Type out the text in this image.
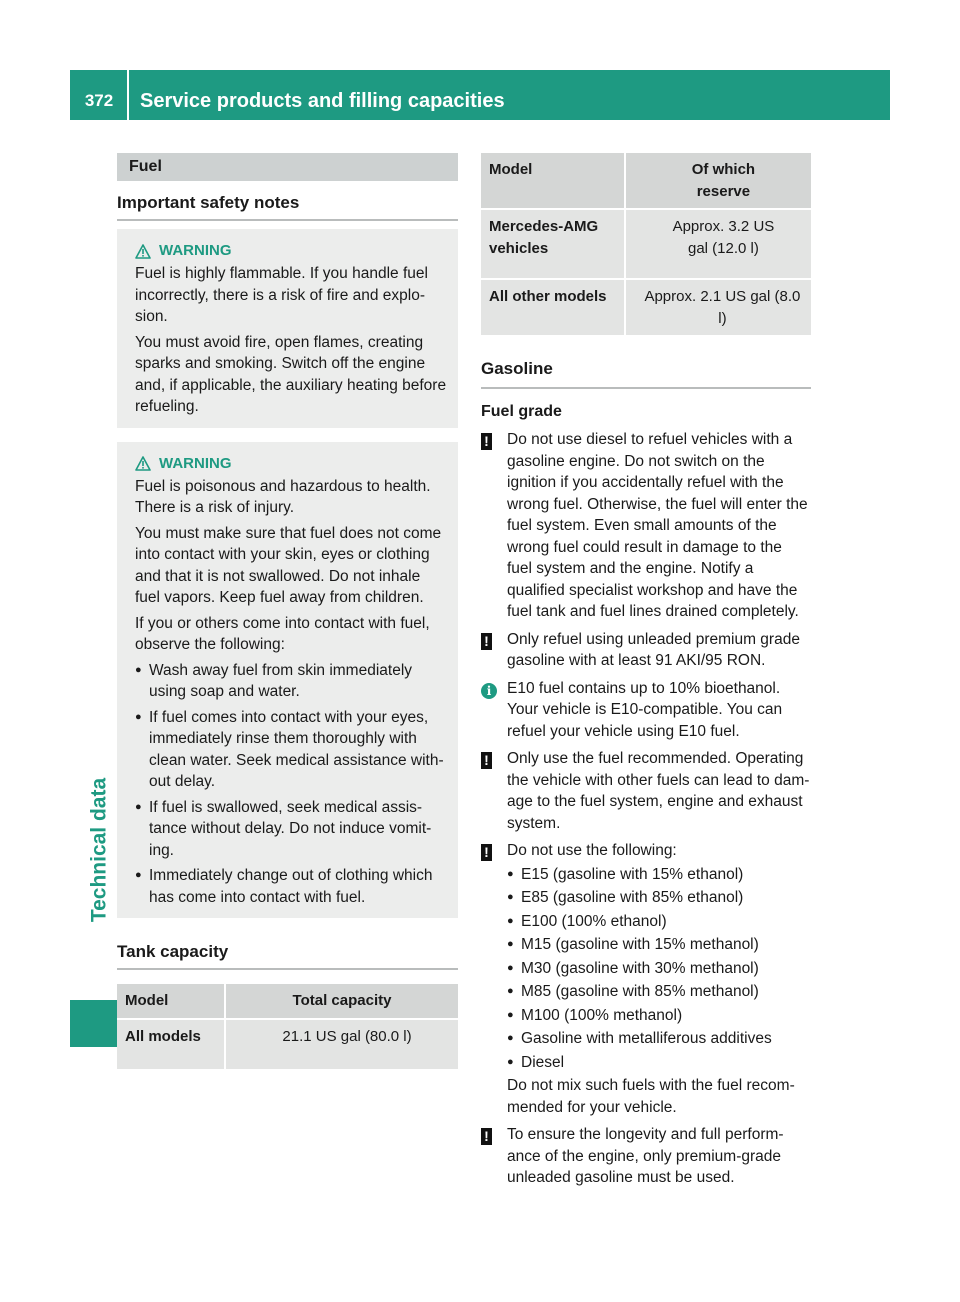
372	Service products and filling capacities
Technical data
Fuel
Important safety notes
WARNING

Fuel is highly flammable. If you handle fuel incorrectly, there is a risk of fire and explo-sion.

You must avoid fire, open flames, creating sparks and smoking. Switch off the engine and, if applicable, the auxiliary heating before refueling.

WARNING

Fuel is poisonous and hazardous to health. There is a risk of injury.

You must make sure that fuel does not come into contact with your skin, eyes or clothing and that it is not swallowed. Do not inhale fuel vapors. Keep fuel away from children.

If you or others come into contact with fuel, observe the following:

● Wash away fuel from skin immediately using soap and water.
● If fuel comes into contact with your eyes, immediately rinse them thoroughly with clean water. Seek medical assistance with-out delay.
● If fuel is swallowed, seek medical assis-tance without delay. Do not induce vomit-ing.
● Immediately change out of clothing which has come into contact with fuel.
Tank capacity
Model	Total capacity
All models	21.1 US gal (80.0 l)
Model	Of which reserve
Mercedes-AMG vehicles	Approx. 3.2 US gal (12.0 l)
All other models	Approx. 2.1 US gal (8.0 l)
Gasoline
Fuel grade
!	Do not use diesel to refuel vehicles with a gasoline engine. Do not switch on the ignition if you accidentally refuel with the wrong fuel. Otherwise, the fuel will enter the fuel system. Even small amounts of the wrong fuel could result in damage to the fuel system and the engine. Notify a qualified specialist workshop and have the fuel tank and fuel lines drained completely.
!	Only refuel using unleaded premium grade gasoline with at least 91 AKI/95 RON.
i	E10 fuel contains up to 10% bioethanol. Your vehicle is E10-compatible. You can refuel your vehicle using E10 fuel.
!	Only use the fuel recommended. Operating the vehicle with other fuels can lead to dam-age to the fuel system, engine and exhaust system.
!	Do not use the following:
● E15 (gasoline with 15% ethanol)
● E85 (gasoline with 85% ethanol)
● E100 (100% ethanol)
● M15 (gasoline with 15% methanol)
● M30 (gasoline with 30% methanol)
● M85 (gasoline with 85% methanol)
● M100 (100% methanol)
● Gasoline with metalliferous additives
● Diesel
Do not mix such fuels with the fuel recom-mended for your vehicle.
!	To ensure the longevity and full perform-ance of the engine, only premium-grade unleaded gasoline must be used.
